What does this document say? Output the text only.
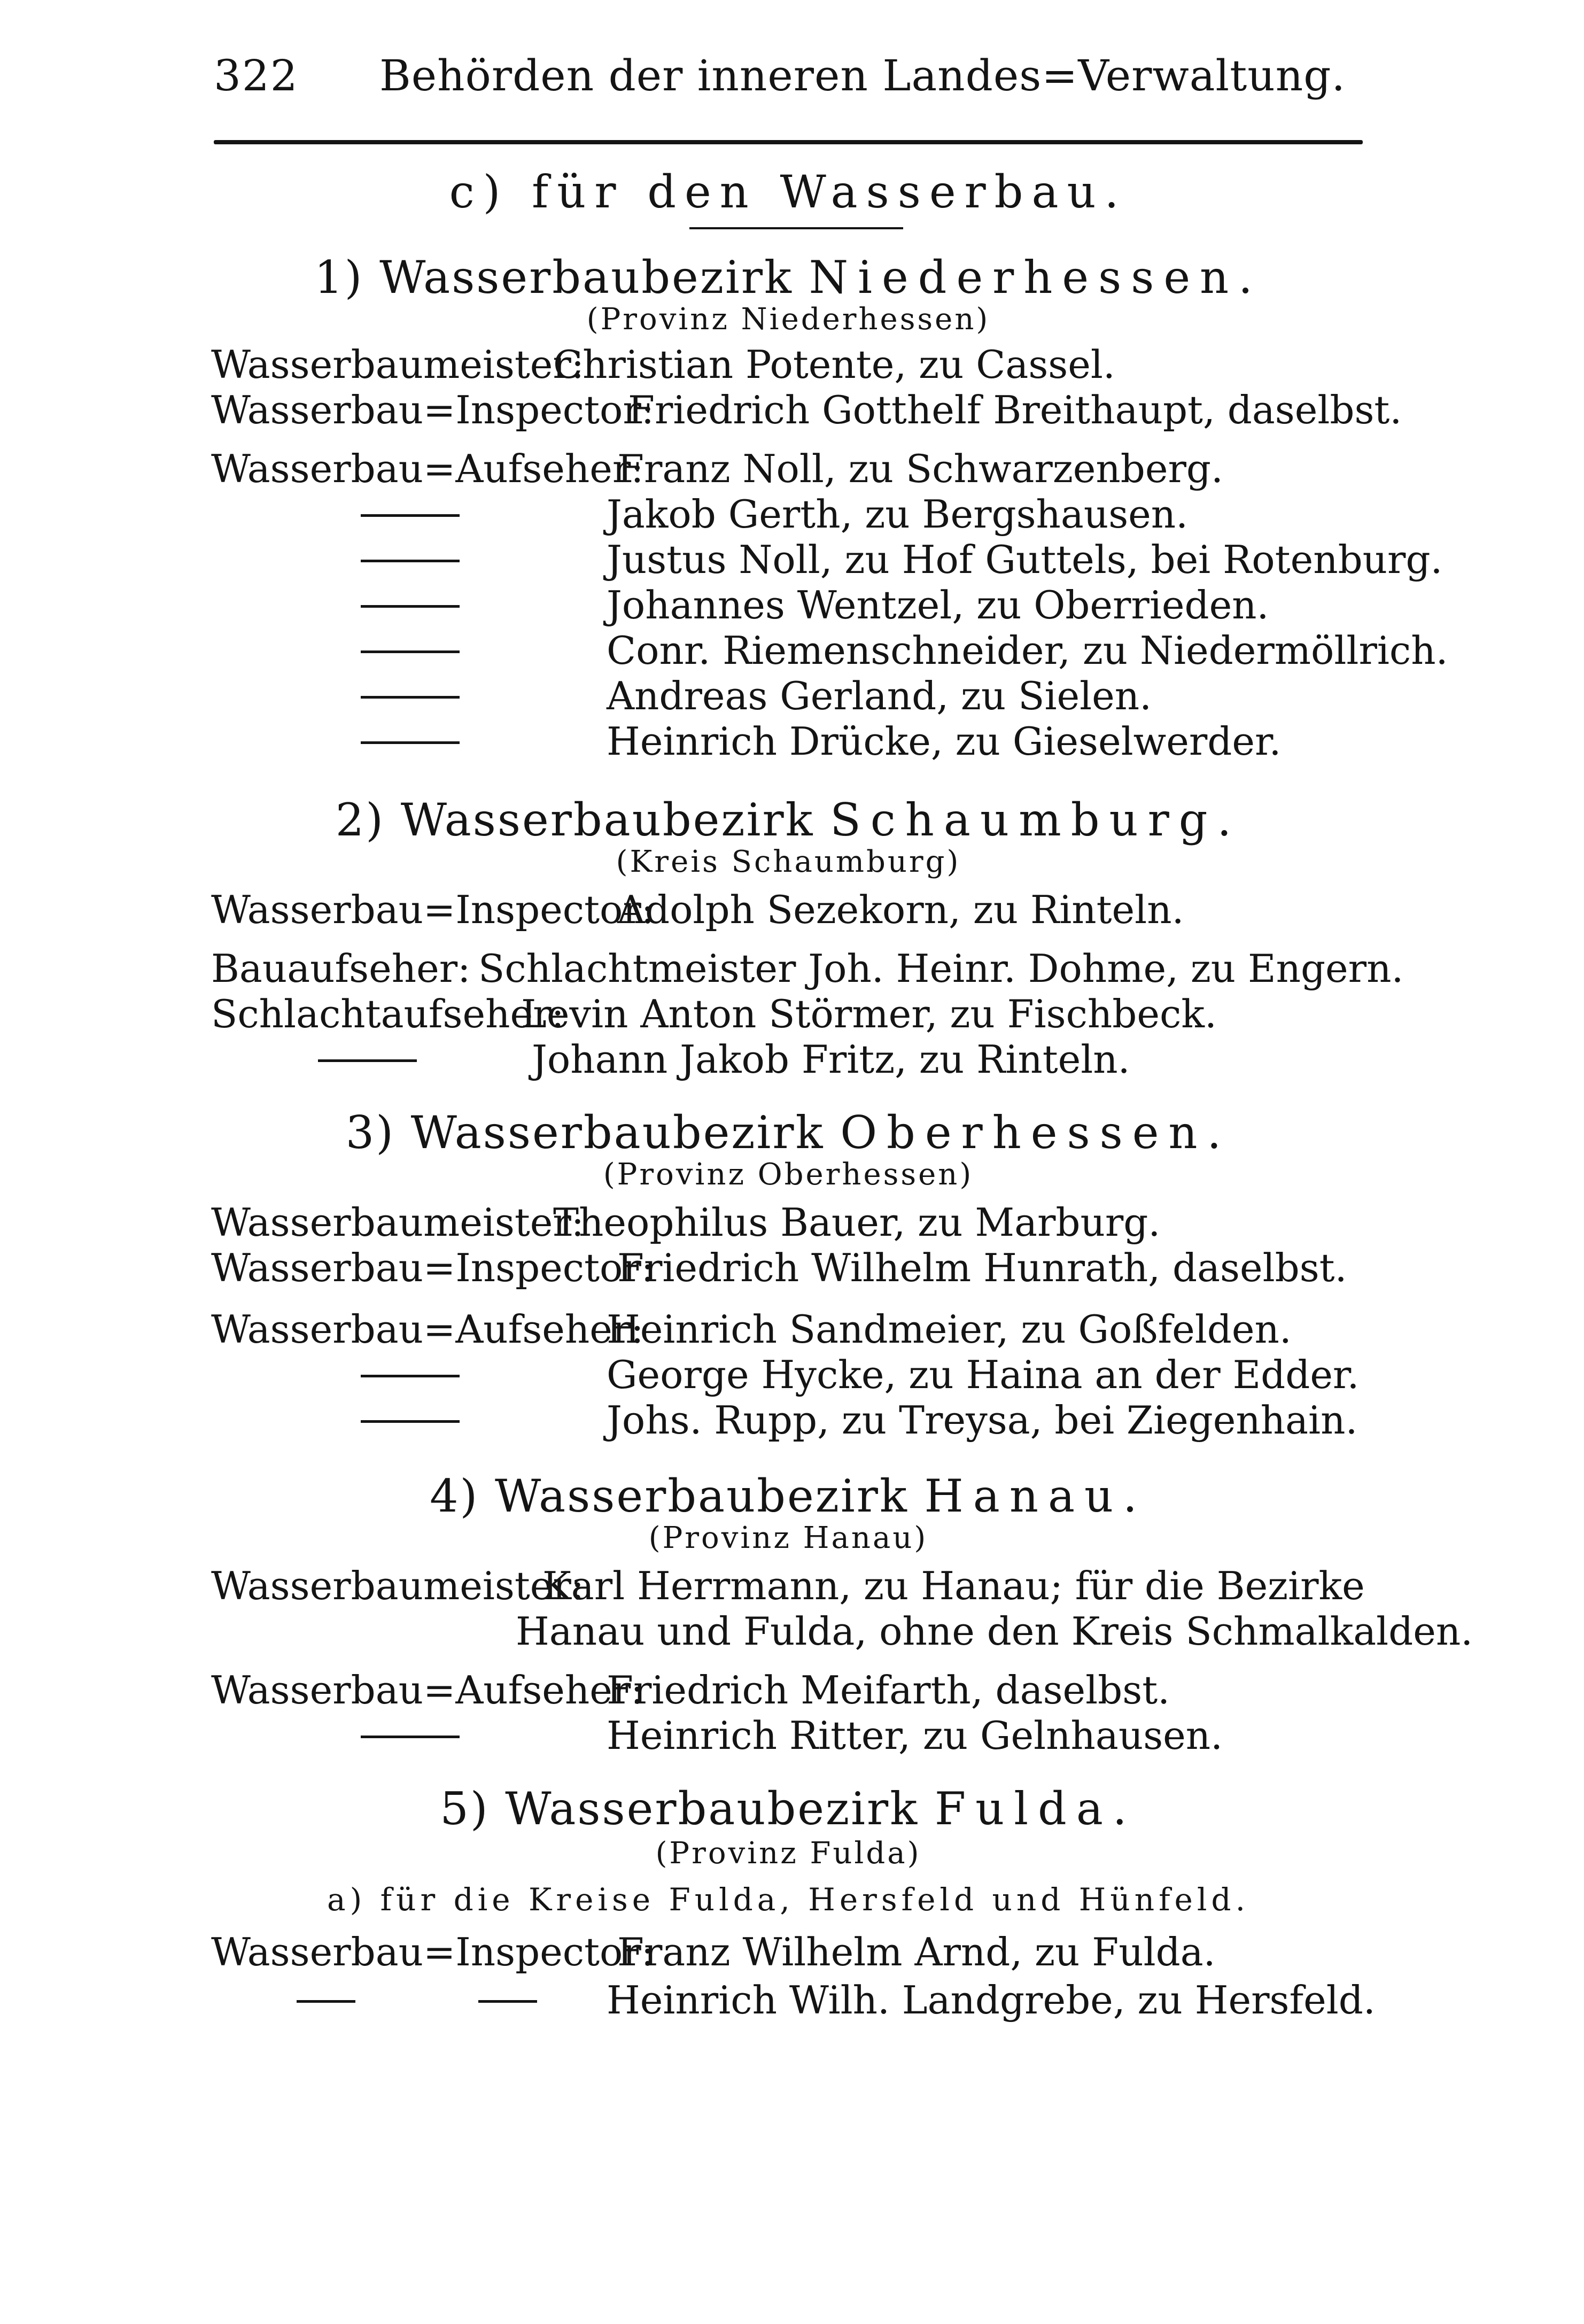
322 Behörden der inneren Landes=Verwaltung.
c) für den Wasserbau.
1) Wasserbaubezirk Niederhessen.
(Provinz Niederhessen)
Wasserbaumeister:
Christian Potente, zu Cassel.
Wasserbau=Inspector:
Friedrich Gotthelf Breithaupt, daselbst.
Wasserbau=Aufseher:
Franz Noll, zu Schwarzenberg.
Jakob Gerth, zu Bergshausen.
Justus Noll, zu Hof Guttels, bei Rotenburg.
Johannes Wentzel, zu Oberrieden.
Conr. Riemenschneider, zu Niedermöllrich.
Andreas Gerland, zu Sielen.
Heinrich Drücke, zu Gieselwerder.
2) Wasserbaubezirk Schaumburg.
(Kreis Schaumburg)
Wasserbau=Inspector:
Adolph Sezekorn, zu Rinteln.
Bauaufseher: Schlachtmeister Joh. Heinr. Dohme, zu Engern.
Schlachtaufseher:
Levin Anton Störmer, zu Fischbeck.
Johann Jakob Fritz, zu Rinteln.
3) Wasserbaubezirk Oberhessen.
(Provinz Oberhessen)
Wasserbaumeister:
Theophilus Bauer, zu Marburg.
Wasserbau=Inspector:
Friedrich Wilhelm Hunrath, daselbst.
Wasserbau=Aufseher:
Heinrich Sandmeier, zu Goßfelden.
George Hycke, zu Haina an der Edder.
Johs. Rupp, zu Treysa, bei Ziegenhain.
4) Wasserbaubezirk Hanau.
(Provinz Hanau)
Wasserbaumeister:
Karl Herrmann, zu Hanau; für die Bezirke
Hanau und Fulda, ohne den Kreis Schmalkalden.
Wasserbau=Aufseher:
Friedrich Meifarth, daselbst.
Heinrich Ritter, zu Gelnhausen.
5) Wasserbaubezirk Fulda.
(Provinz Fulda)
a) für die Kreise Fulda, Hersfeld und Hünfeld.
Wasserbau=Inspector:
Franz Wilhelm Arnd, zu Fulda.
Heinrich Wilh. Landgrebe, zu Hersfeld.
